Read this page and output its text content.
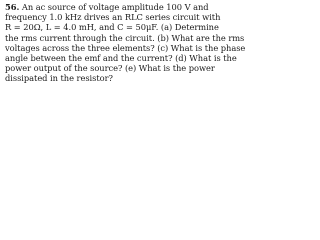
56. An ac source of voltage amplitude 100 V and
frequency 1.0 kHz drives an RLC series circuit with
R = 20Ω, L = 4.0 mH, and C = 50μF. (a) Determine
the rms current through the circuit. (b) What are the rms
voltages across the three elements? (c) What is the phase
angle between the emf and the current? (d) What is the
power output of the source? (e) What is the power
dissipated in the resistor?
